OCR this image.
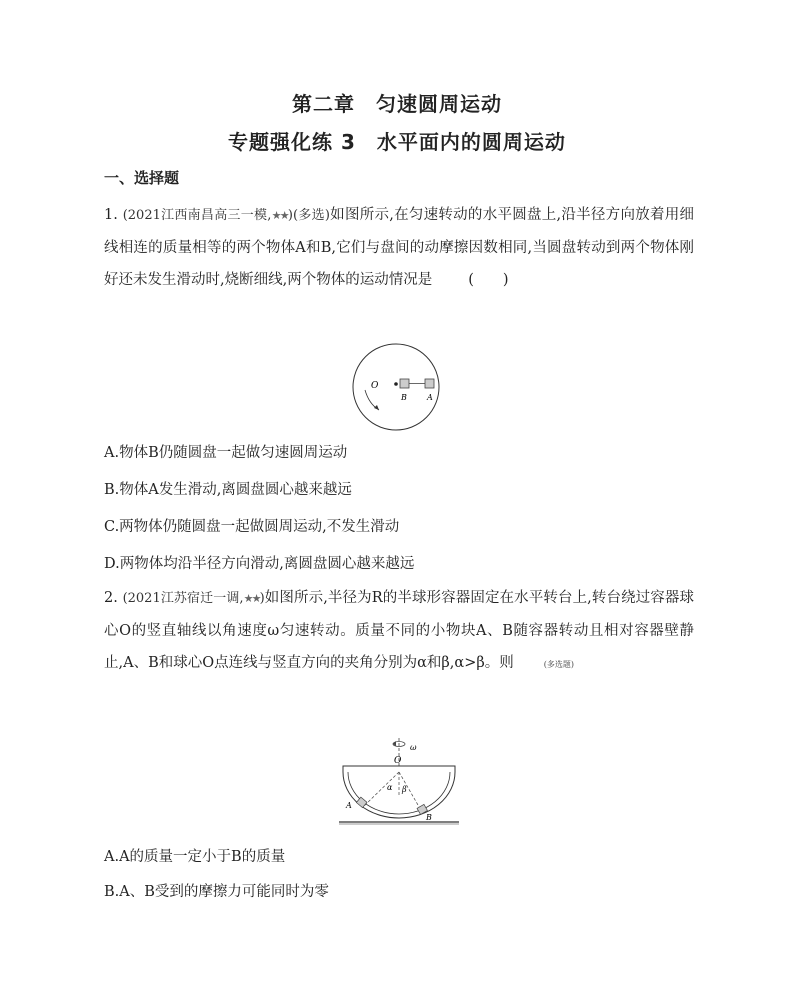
第二章　匀速圆周运动
专题强化练 3　水平面内的圆周运动
一、选择题
1. (2021江西南昌高三一模,★★)(多选)如图所示,在匀速转动的水平圆盘上,沿半径方向放着用细线相连的质量相等的两个物体A和B,它们与盘间的动摩擦因数相同,当圆盘转动到两个物体刚好还未发生滑动时,烧断细线,两个物体的运动情况是 (　　)
O
B	A
A.物体B仍随圆盘一起做匀速圆周运动
B.物体A发生滑动,离圆盘圆心越来越远
C.两物体仍随圆盘一起做圆周运动,不发生滑动
D.两物体均沿半径方向滑动,离圆盘圆心越来越远
2. (2021江苏宿迁一调,★★)如图所示,半径为R的半球形容器固定在水平转台上,转台绕过容器球心O的竖直轴线以角速度ω匀速转动。质量不同的小物块A、B随容器转动且相对容器壁静止,A、B和球心O点连线与竖直方向的夹角分别为α和β,α>β。则	(多选题)
ω
O
α β
A
B
A.A的质量一定小于B的质量
B.A、B受到的摩擦力可能同时为零
